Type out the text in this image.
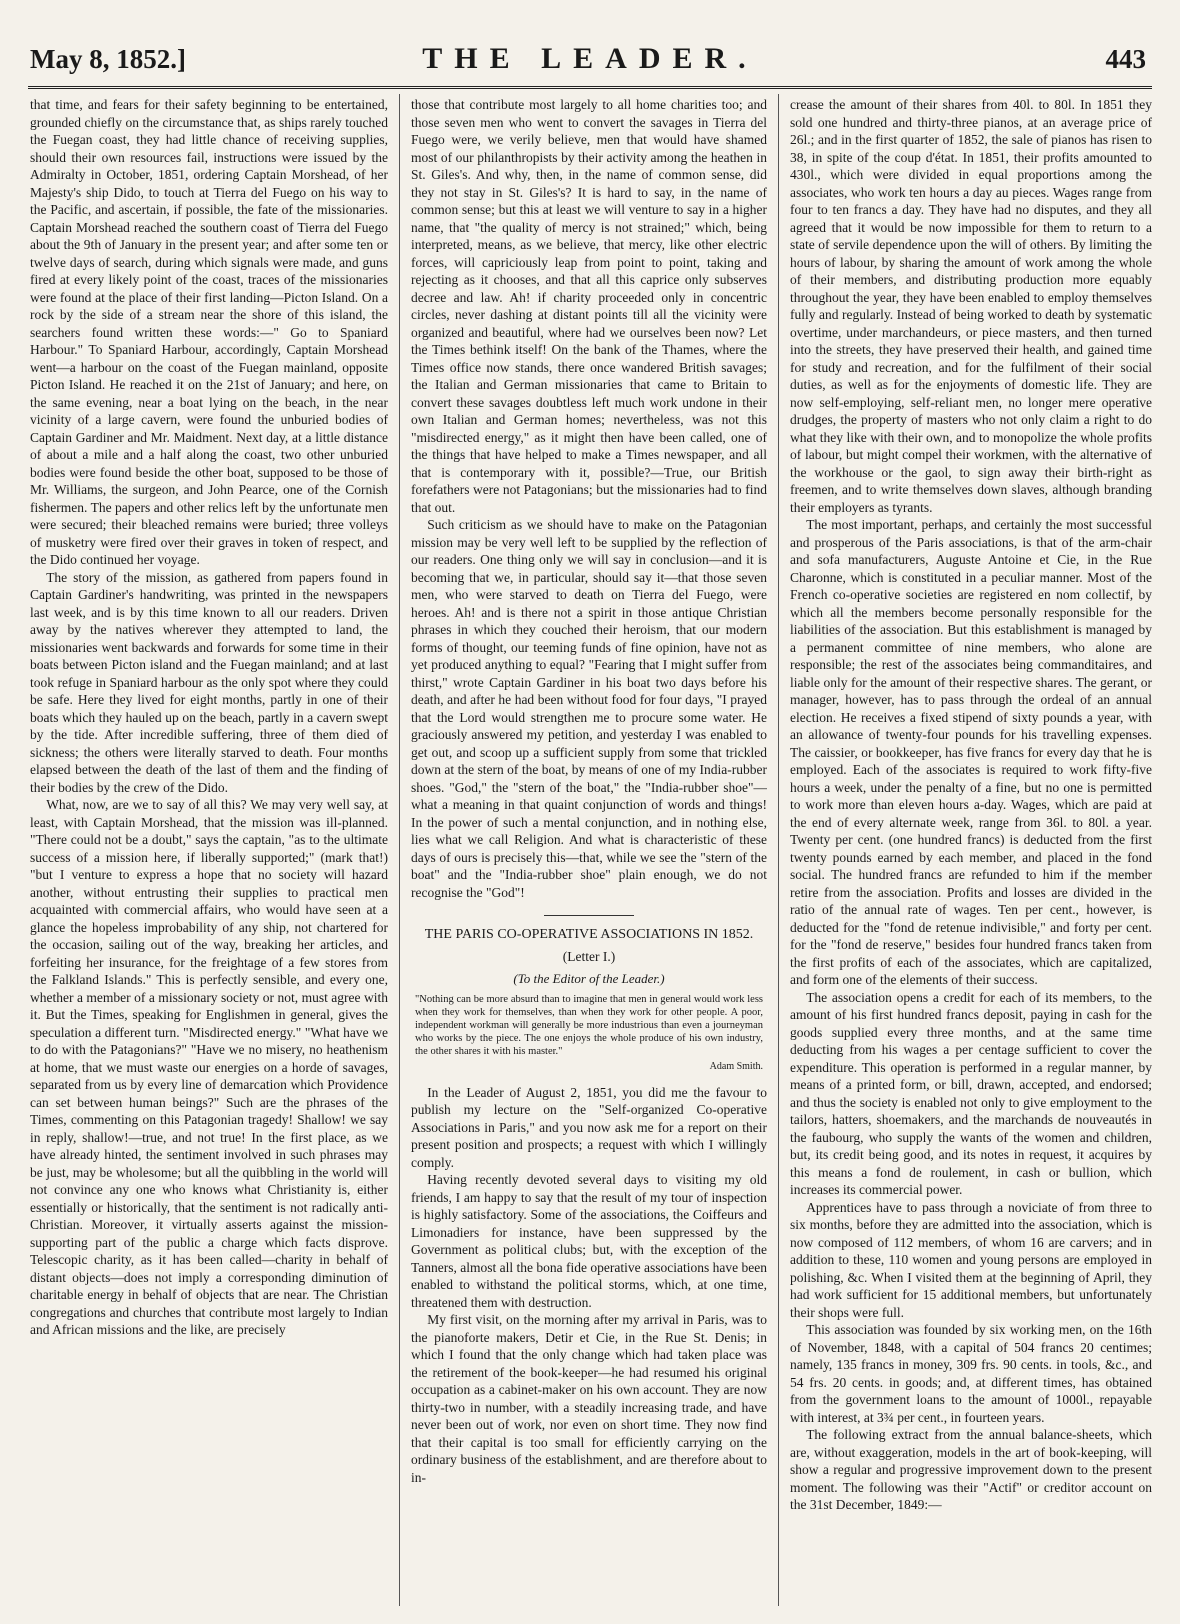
May 8, 1852.]	THE LEADER.	443

that time, and fears for their safety beginning to be entertained, grounded chiefly on the circumstance that, as ships rarely touched the Fuegan coast, they had little chance of receiving supplies, should their own resources fail, instructions were issued by the Admiralty in October, 1851, ordering Captain Morshead, of her Majesty's ship Dido, to touch at Tierra del Fuego on his way to the Pacific, and ascertain, if possible, the fate of the missionaries. Captain Morshead reached the southern coast of Tierra del Fuego about the 9th of January in the present year; and after some ten or twelve days of search, during which signals were made, and guns fired at every likely point of the coast, traces of the missionaries were found at the place of their first landing—Picton Island. On a rock by the side of a stream near the shore of this island, the searchers found written these words:—" Go to Spaniard Harbour." To Spaniard Harbour, accordingly, Captain Morshead went—a harbour on the coast of the Fuegan mainland, opposite Picton Island. He reached it on the 21st of January; and here, on the same evening, near a boat lying on the beach, in the near vicinity of a large cavern, were found the unburied bodies of Captain Gardiner and Mr. Maidment. Next day, at a little distance of about a mile and a half along the coast, two other unburied bodies were found beside the other boat, supposed to be those of Mr. Williams, the surgeon, and John Pearce, one of the Cornish fishermen. The papers and other relics left by the unfortunate men were secured; their bleached remains were buried; three volleys of musketry were fired over their graves in token of respect, and the Dido continued her voyage.

The story of the mission, as gathered from papers found in Captain Gardiner's handwriting, was printed in the newspapers last week, and is by this time known to all our readers. Driven away by the natives wherever they attempted to land, the missionaries went backwards and forwards for some time in their boats between Picton island and the Fuegan mainland; and at last took refuge in Spaniard harbour as the only spot where they could be safe. Here they lived for eight months, partly in one of their boats which they hauled up on the beach, partly in a cavern swept by the tide. After incredible suffering, three of them died of sickness; the others were literally starved to death. Four months elapsed between the death of the last of them and the finding of their bodies by the crew of the Dido.

What, now, are we to say of all this? We may very well say, at least, with Captain Morshead, that the mission was ill-planned. "There could not be a doubt," says the captain, "as to the ultimate success of a mission here, if liberally supported;" (mark that!) "but I venture to express a hope that no society will hazard another, without entrusting their supplies to practical men acquainted with commercial affairs, who would have seen at a glance the hopeless improbability of any ship, not chartered for the occasion, sailing out of the way, breaking her articles, and forfeiting her insurance, for the freightage of a few stores from the Falkland Islands." This is perfectly sensible, and every one, whether a member of a missionary society or not, must agree with it. But the Times, speaking for Englishmen in general, gives the speculation a different turn. "Misdirected energy." "What have we to do with the Patagonians?" "Have we no misery, no heathenism at home, that we must waste our energies on a horde of savages, separated from us by every line of demarcation which Providence can set between human beings?" Such are the phrases of the Times, commenting on this Patagonian tragedy! Shallow! we say in reply, shallow!—true, and not true! In the first place, as we have already hinted, the sentiment involved in such phrases may be just, may be wholesome; but all the quibbling in the world will not convince any one who knows what Christianity is, either essentially or historically, that the sentiment is not radically anti-Christian. Moreover, it virtually asserts against the mission-supporting part of the public a charge which facts disprove. Telescopic charity, as it has been called—charity in behalf of distant objects—does not imply a corresponding diminution of charitable energy in behalf of objects that are near. The Christian congregations and churches that contribute most largely to Indian and African missions and the like, are precisely

those that contribute most largely to all home charities too; and those seven men who went to convert the savages in Tierra del Fuego were, we verily believe, men that would have shamed most of our philanthropists by their activity among the heathen in St. Giles's. And why, then, in the name of common sense, did they not stay in St. Giles's? It is hard to say, in the name of common sense; but this at least we will venture to say in a higher name, that "the quality of mercy is not strained;" which, being interpreted, means, as we believe, that mercy, like other electric forces, will capriciously leap from point to point, taking and rejecting as it chooses, and that all this caprice only subserves decree and law. Ah! if charity proceeded only in concentric circles, never dashing at distant points till all the vicinity were organized and beautiful, where had we ourselves been now? Let the Times bethink itself! On the bank of the Thames, where the Times office now stands, there once wandered British savages; the Italian and German missionaries that came to Britain to convert these savages doubtless left much work undone in their own Italian and German homes; nevertheless, was not this "misdirected energy," as it might then have been called, one of the things that have helped to make a Times newspaper, and all that is contemporary with it, possible?—True, our British forefathers were not Patagonians; but the missionaries had to find that out.

Such criticism as we should have to make on the Patagonian mission may be very well left to be supplied by the reflection of our readers. One thing only we will say in conclusion—and it is becoming that we, in particular, should say it—that those seven men, who were starved to death on Tierra del Fuego, were heroes. Ah! and is there not a spirit in those antique Christian phrases in which they couched their heroism, that our modern forms of thought, our teeming funds of fine opinion, have not as yet produced anything to equal? "Fearing that I might suffer from thirst," wrote Captain Gardiner in his boat two days before his death, and after he had been without food for four days, "I prayed that the Lord would strengthen me to procure some water. He graciously answered my petition, and yesterday I was enabled to get out, and scoop up a sufficient supply from some that trickled down at the stern of the boat, by means of one of my India-rubber shoes. "God," the "stern of the boat," the "India-rubber shoe"—what a meaning in that quaint conjunction of words and things! In the power of such a mental conjunction, and in nothing else, lies what we call Religion. And what is characteristic of these days of ours is precisely this—that, while we see the "stern of the boat" and the "India-rubber shoe" plain enough, we do not recognise the "God"!

THE PARIS CO-OPERATIVE ASSOCIATIONS IN 1852.
(Letter I.)
(To the Editor of the Leader.)
"Nothing can be more absurd than to imagine that men in general would work less when they work for themselves, than when they work for other people. A poor, independent workman will generally be more industrious than even a journeyman who works by the piece. The one enjoys the whole produce of his own industry, the other shares it with his master."
Adam Smith.

In the Leader of August 2, 1851, you did me the favour to publish my lecture on the "Self-organized Co-operative Associations in Paris," and you now ask me for a report on their present position and prospects; a request with which I willingly comply.

Having recently devoted several days to visiting my old friends, I am happy to say that the result of my tour of inspection is highly satisfactory. Some of the associations, the Coiffeurs and Limonadiers for instance, have been suppressed by the Government as political clubs; but, with the exception of the Tanners, almost all the bona fide operative associations have been enabled to withstand the political storms, which, at one time, threatened them with destruction.

My first visit, on the morning after my arrival in Paris, was to the pianoforte makers, Detir et Cie, in the Rue St. Denis; in which I found that the only change which had taken place was the retirement of the book-keeper—he had resumed his original occupation as a cabinet-maker on his own account. They are now thirty-two in number, with a steadily increasing trade, and have never been out of work, nor even on short time. They now find that their capital is too small for efficiently carrying on the ordinary business of the establishment, and are therefore about to in-

crease the amount of their shares from 40l. to 80l. In 1851 they sold one hundred and thirty-three pianos, at an average price of 26l.; and in the first quarter of 1852, the sale of pianos has risen to 38, in spite of the coup d'état. In 1851, their profits amounted to 430l., which were divided in equal proportions among the associates, who work ten hours a day au pieces. Wages range from four to ten francs a day. They have had no disputes, and they all agreed that it would be now impossible for them to return to a state of servile dependence upon the will of others. By limiting the hours of labour, by sharing the amount of work among the whole of their members, and distributing production more equably throughout the year, they have been enabled to employ themselves fully and regularly. Instead of being worked to death by systematic overtime, under marchandeurs, or piece masters, and then turned into the streets, they have preserved their health, and gained time for study and recreation, and for the fulfilment of their social duties, as well as for the enjoyments of domestic life. They are now self-employing, self-reliant men, no longer mere operative drudges, the property of masters who not only claim a right to do what they like with their own, and to monopolize the whole profits of labour, but might compel their workmen, with the alternative of the workhouse or the gaol, to sign away their birth-right as freemen, and to write themselves down slaves, although branding their employers as tyrants.

The most important, perhaps, and certainly the most successful and prosperous of the Paris associations, is that of the arm-chair and sofa manufacturers, Auguste Antoine et Cie, in the Rue Charonne, which is constituted in a peculiar manner. Most of the French co-operative societies are registered en nom collectif, by which all the members become personally responsible for the liabilities of the association. But this establishment is managed by a permanent committee of nine members, who alone are responsible; the rest of the associates being commanditaires, and liable only for the amount of their respective shares. The gerant, or manager, however, has to pass through the ordeal of an annual election. He receives a fixed stipend of sixty pounds a year, with an allowance of twenty-four pounds for his travelling expenses. The caissier, or bookkeeper, has five francs for every day that he is employed. Each of the associates is required to work fifty-five hours a week, under the penalty of a fine, but no one is permitted to work more than eleven hours a-day. Wages, which are paid at the end of every alternate week, range from 36l. to 80l. a year. Twenty per cent. (one hundred francs) is deducted from the first twenty pounds earned by each member, and placed in the fond social. The hundred francs are refunded to him if the member retire from the association. Profits and losses are divided in the ratio of the annual rate of wages. Ten per cent., however, is deducted for the "fond de retenue indivisible," and forty per cent. for the "fond de reserve," besides four hundred francs taken from the first profits of each of the associates, which are capitalized, and form one of the elements of their success.

The association opens a credit for each of its members, to the amount of his first hundred francs deposit, paying in cash for the goods supplied every three months, and at the same time deducting from his wages a per centage sufficient to cover the expenditure. This operation is performed in a regular manner, by means of a printed form, or bill, drawn, accepted, and endorsed; and thus the society is enabled not only to give employment to the tailors, hatters, shoemakers, and the marchands de nouveautés in the faubourg, who supply the wants of the women and children, but, its credit being good, and its notes in request, it acquires by this means a fond de roulement, in cash or bullion, which increases its commercial power.

Apprentices have to pass through a noviciate of from three to six months, before they are admitted into the association, which is now composed of 112 members, of whom 16 are carvers; and in addition to these, 110 women and young persons are employed in polishing, &c. When I visited them at the beginning of April, they had work sufficient for 15 additional members, but unfortunately their shops were full.

This association was founded by six working men, on the 16th of November, 1848, with a capital of 504 francs 20 centimes; namely, 135 francs in money, 309 frs. 90 cents. in tools, &c., and 54 frs. 20 cents. in goods; and, at different times, has obtained from the government loans to the amount of 1000l., repayable with interest, at 3¾ per cent., in fourteen years.

The following extract from the annual balance-sheets, which are, without exaggeration, models in the art of book-keeping, will show a regular and progressive improvement down to the present moment. The following was their "Actif" or creditor account on the 31st December, 1849:—
